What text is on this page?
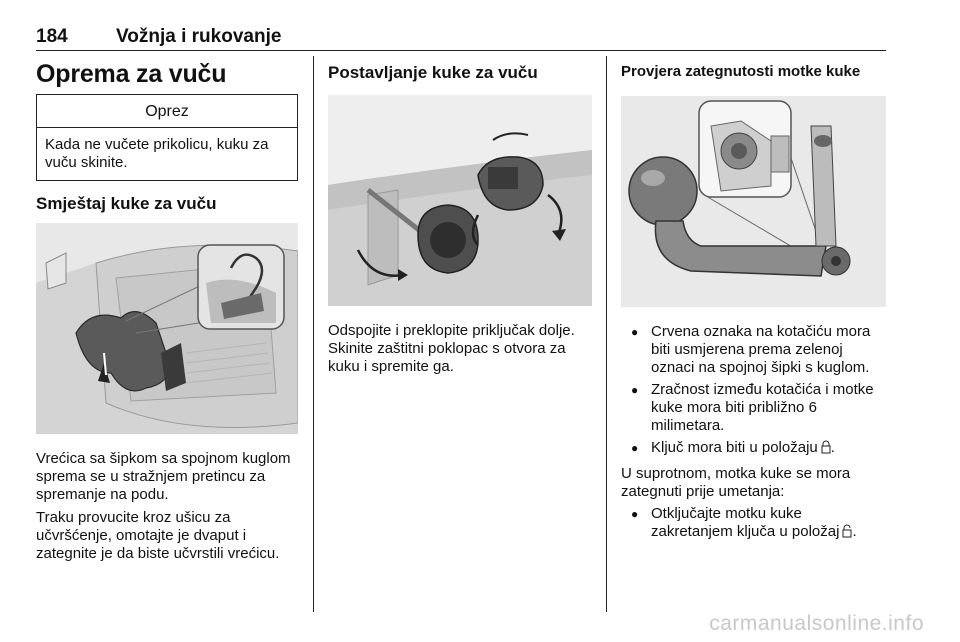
184	Vožnja i rukovanje
Oprema za vuču
Oprez
Kada ne vučete prikolicu, kuku za vuču skinite.
Smještaj kuke za vuču

Vrećica sa šipkom sa spojnom kuglom sprema se u stražnjem pretincu za spremanje na podu.

Traku provucite kroz ušicu za učvršćenje, omotajte je dvaput i zategnite je da biste učvrstili vrećicu.

Postavljanje kuke za vuču

Odspojite i preklopite priključak dolje. Skinite zaštitni poklopac s otvora za kuku i spremite ga.

Provjera zategnutosti motke kuke
● Crvena oznaka na kotačiću mora biti usmjerena prema zelenoj oznaci na spojnoj šipki s kuglom.
● Zračnost između kotačića i motke kuke mora biti približno 6 milimetara.
● Ključ mora biti u položaju .

U suprotnom, motka kuke se mora zategnuti prije umetanja:

● Otključajte motku kuke zakretanjem ključa u položaj .
carmanualsonline.info
